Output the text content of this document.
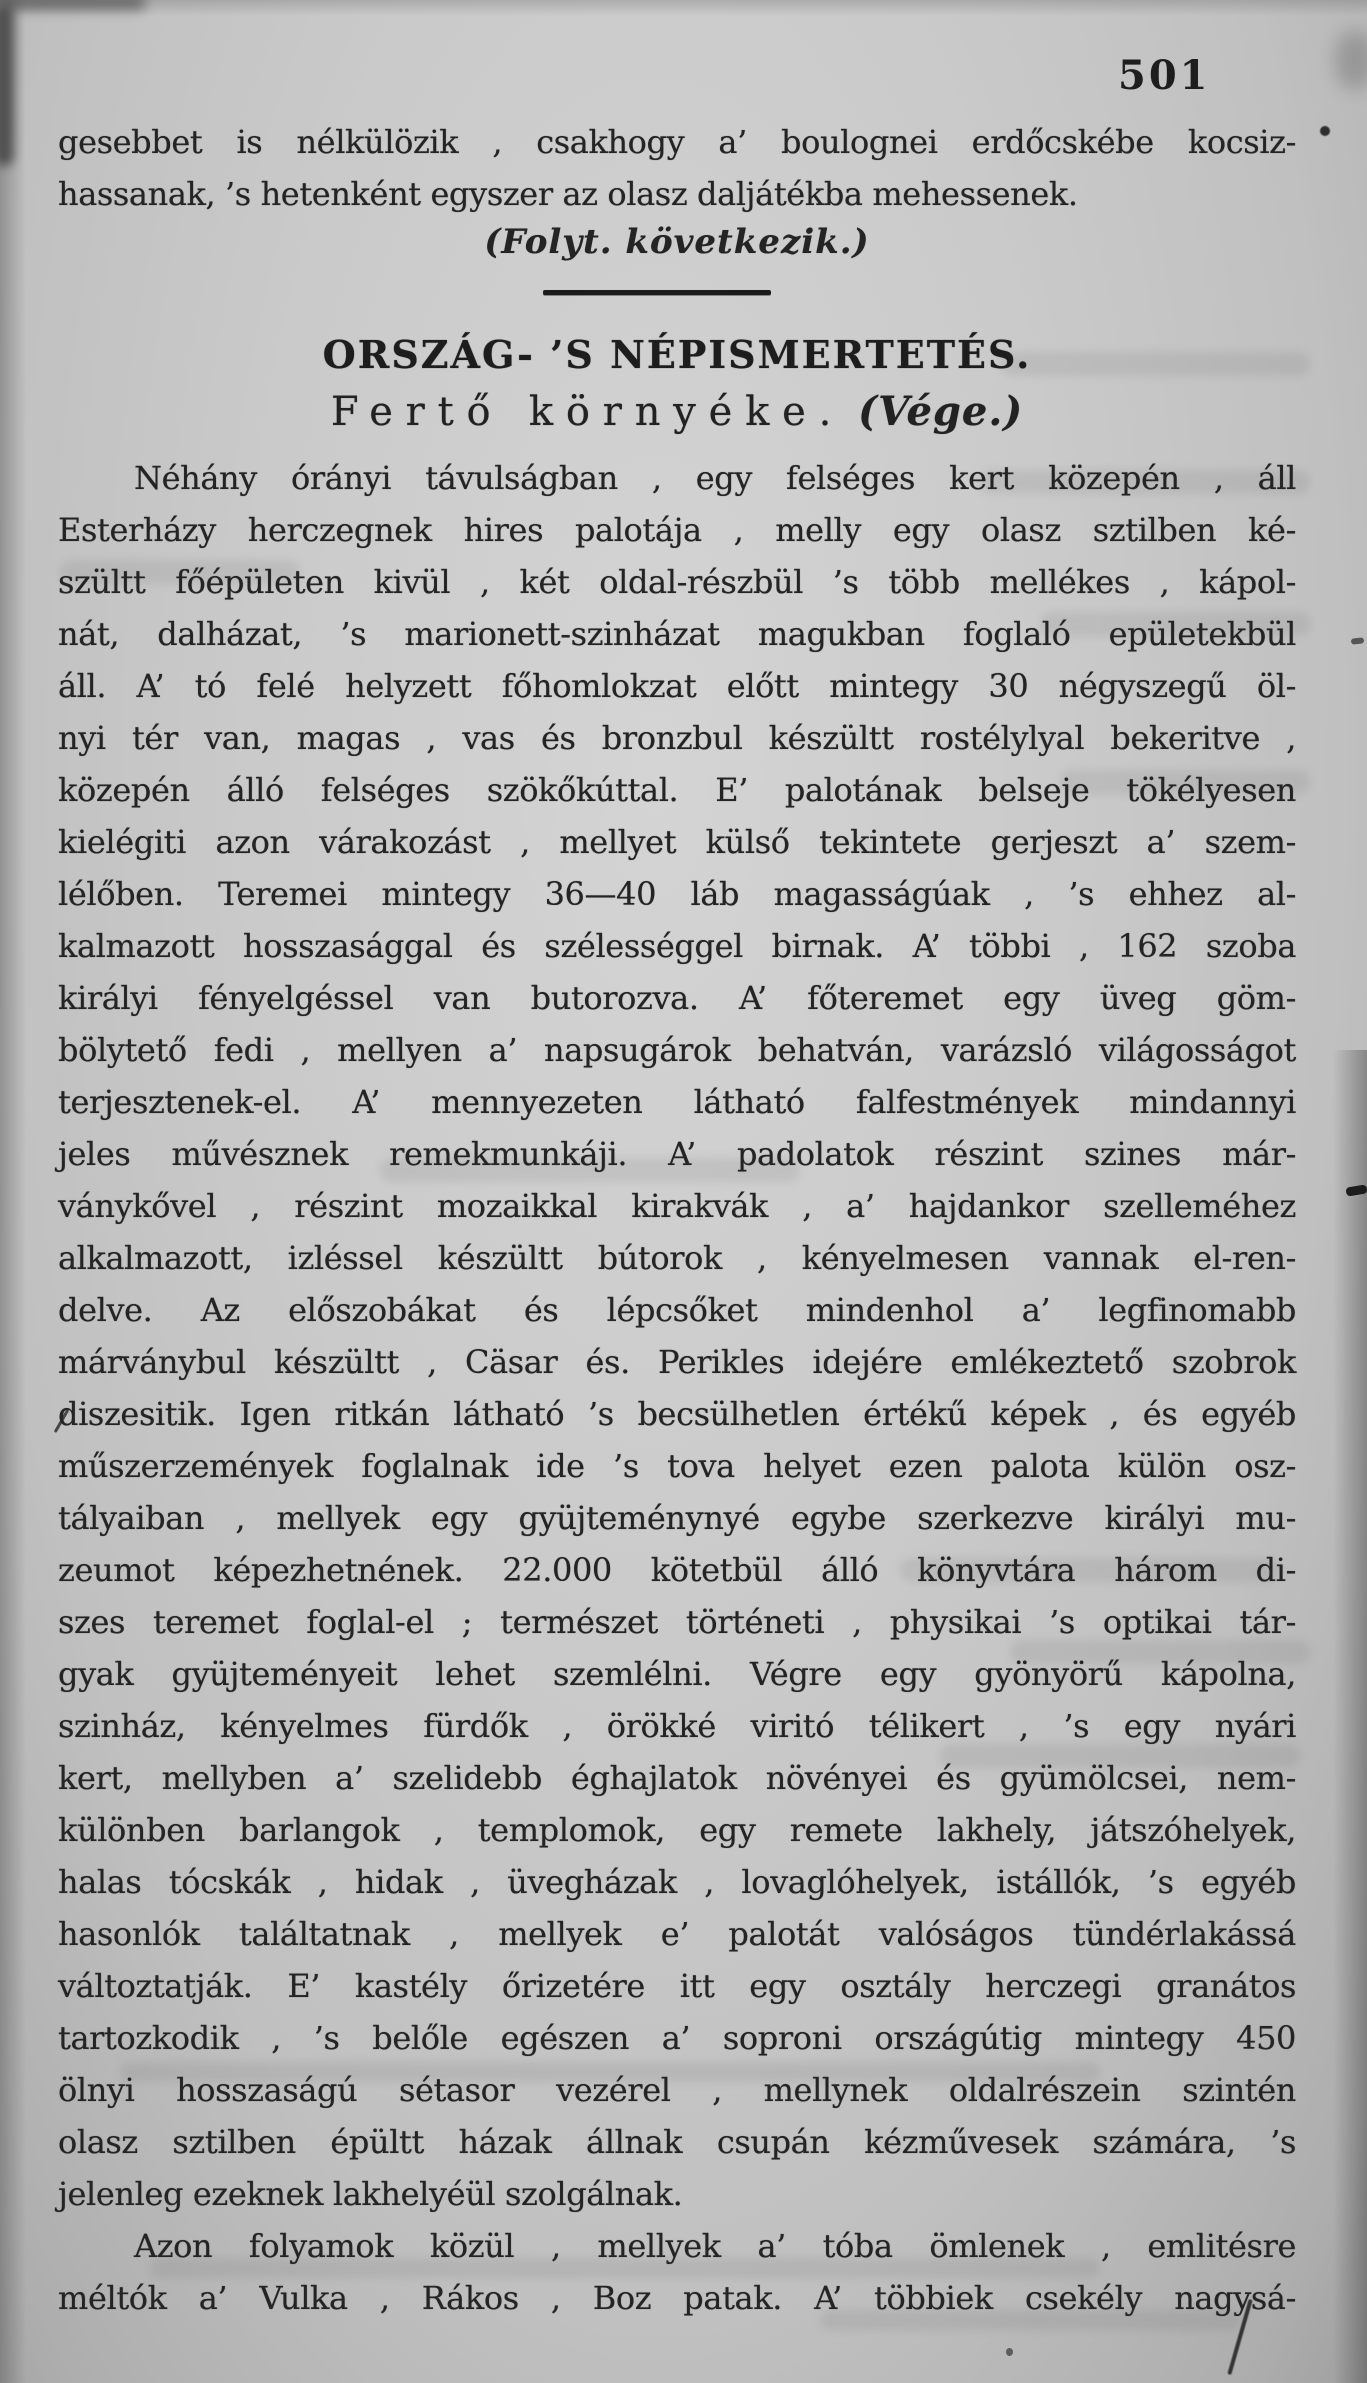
501
gesebbet is nélkülözik , csakhogy a’ boulognei erdőcskébe kocsiz-
hassanak, ’s hetenként egyszer az olasz daljátékba mehessenek.
(Folyt. következik.)
ORSZÁG- ’S NÉPISMERTETÉS.
Fertő környéke. (Vége.)
Néhány órányi távulságban , egy felséges kert közepén , áll
Esterházy herczegnek hires palotája , melly egy olasz sztilben ké-
szültt főépületen kivül , két oldal-részbül ’s több mellékes , kápol-
nát, dalházat, ’s marionett-szinházat magukban foglaló epületekbül
áll. A’ tó felé helyzett főhomlokzat előtt mintegy 30 négyszegű öl-
nyi tér van, magas , vas és bronzbul készültt rostélylyal bekeritve ,
közepén álló felséges szökőkúttal. E’ palotának belseje tökélyesen
kielégiti azon várakozást , mellyet külső tekintete gerjeszt a’ szem-
lélőben. Teremei mintegy 36—40 láb magasságúak , ’s ehhez al-
kalmazott hosszasággal és szélességgel birnak. A’ többi , 162 szoba
királyi fényelgéssel van butorozva. A’ főteremet egy üveg göm-
bölytető fedi , mellyen a’ napsugárok behatván, varázsló világosságot
terjesztenek-el. A’ mennyezeten látható falfestmények mindannyi
jeles művésznek remekmunkáji. A’ padolatok részint szines már-
ványkővel , részint mozaikkal kirakvák , a’ hajdankor szelleméhez
alkalmazott, izléssel készültt bútorok , kényelmesen vannak el-ren-
delve. Az előszobákat és lépcsőket mindenhol a’ legfinomabb
márványbul készültt , Cäsar és. Perikles idejére emlékeztető szobrok
diszesitik. Igen ritkán látható ’s becsülhetlen értékű képek , és egyéb
műszerzemények foglalnak ide ’s tova helyet ezen palota külön osz-
tályaiban , mellyek egy gyüjteménynyé egybe szerkezve királyi mu-
zeumot képezhetnének. 22.000 kötetbül álló könyvtára három di-
szes teremet foglal-el ; természet történeti , physikai ’s optikai tár-
gyak gyüjteményeit lehet szemlélni. Végre egy gyönyörű kápolna,
szinház, kényelmes fürdők , örökké viritó télikert , ’s egy nyári
kert, mellyben a’ szelidebb éghajlatok növényei és gyümölcsei, nem-
különben barlangok , templomok, egy remete lakhely, játszóhelyek,
halas tócskák , hidak , üvegházak , lovaglóhelyek, istállók, ’s egyéb
hasonlók találtatnak , mellyek e’ palotát valóságos tündérlakássá
változtatják. E’ kastély őrizetére itt egy osztály herczegi granátos
tartozkodik , ’s belőle egészen a’ soproni országútig mintegy 450
ölnyi hosszaságú sétasor vezérel , mellynek oldalrészein szintén
olasz sztilben épültt házak állnak csupán kézművesek számára, ’s
jelenleg ezeknek lakhelyéül szolgálnak.
Azon folyamok közül , mellyek a’ tóba ömlenek , emlitésre
méltók a’ Vulka , Rákos , Boz patak. A’ többiek csekély nagysá-
